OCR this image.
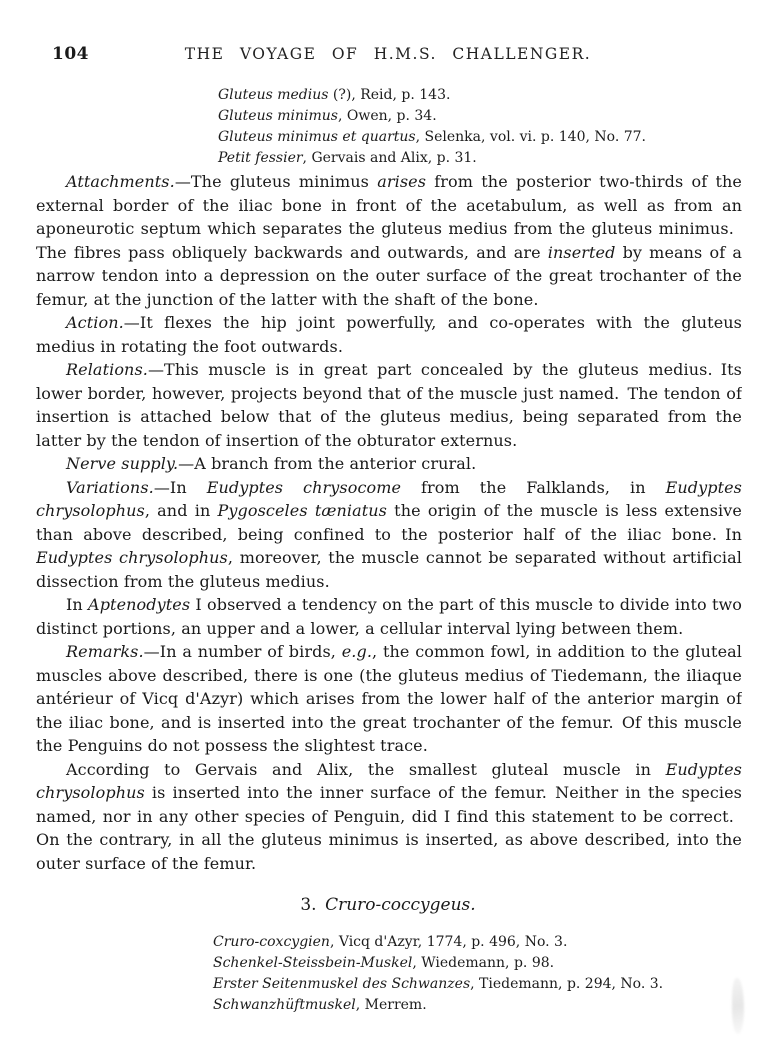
104	THE VOYAGE OF H.M.S. CHALLENGER.
Gluteus medius (?), Reid, p. 143.
Gluteus minimus, Owen, p. 34.
Gluteus minimus et quartus, Selenka, vol. vi. p. 140, No. 77.
Petit fessier, Gervais and Alix, p. 31.

Attachments.—The gluteus minimus arises from the posterior two-thirds of the external border of the iliac bone in front of the acetabulum, as well as from an aponeurotic septum which separates the gluteus medius from the gluteus minimus. The fibres pass obliquely backwards and outwards, and are inserted by means of a narrow tendon into a depression on the outer surface of the great trochanter of the femur, at the junction of the latter with the shaft of the bone.

Action.—It flexes the hip joint powerfully, and co-operates with the gluteus medius in rotating the foot outwards.

Relations.—This muscle is in great part concealed by the gluteus medius. Its lower border, however, projects beyond that of the muscle just named. The tendon of insertion is attached below that of the gluteus medius, being separated from the latter by the tendon of insertion of the obturator externus.

Nerve supply.—A branch from the anterior crural.

Variations.—In Eudyptes chrysocome from the Falklands, in Eudyptes chrysolophus, and in Pygosceles tæniatus the origin of the muscle is less extensive than above described, being confined to the posterior half of the iliac bone. In Eudyptes chrysolophus, moreover, the muscle cannot be separated without artificial dissection from the gluteus medius.

In Aptenodytes I observed a tendency on the part of this muscle to divide into two distinct portions, an upper and a lower, a cellular interval lying between them.

Remarks.—In a number of birds, e.g., the common fowl, in addition to the gluteal muscles above described, there is one (the gluteus medius of Tiedemann, the iliaque antérieur of Vicq d'Azyr) which arises from the lower half of the anterior margin of the iliac bone, and is inserted into the great trochanter of the femur. Of this muscle the Penguins do not possess the slightest trace.

According to Gervais and Alix, the smallest gluteal muscle in Eudyptes chrysolophus is inserted into the inner surface of the femur. Neither in the species named, nor in any other species of Penguin, did I find this statement to be correct. On the contrary, in all the gluteus minimus is inserted, as above described, into the outer surface of the femur.

3. Cruro-coccygeus.
Cruro-coxcygien, Vicq d'Azyr, 1774, p. 496, No. 3.
Schenkel-Steissbein-Muskel, Wiedemann, p. 98.
Erster Seitenmuskel des Schwanzes, Tiedemann, p. 294, No. 3.
Schwanzhüftmuskel, Merrem.
